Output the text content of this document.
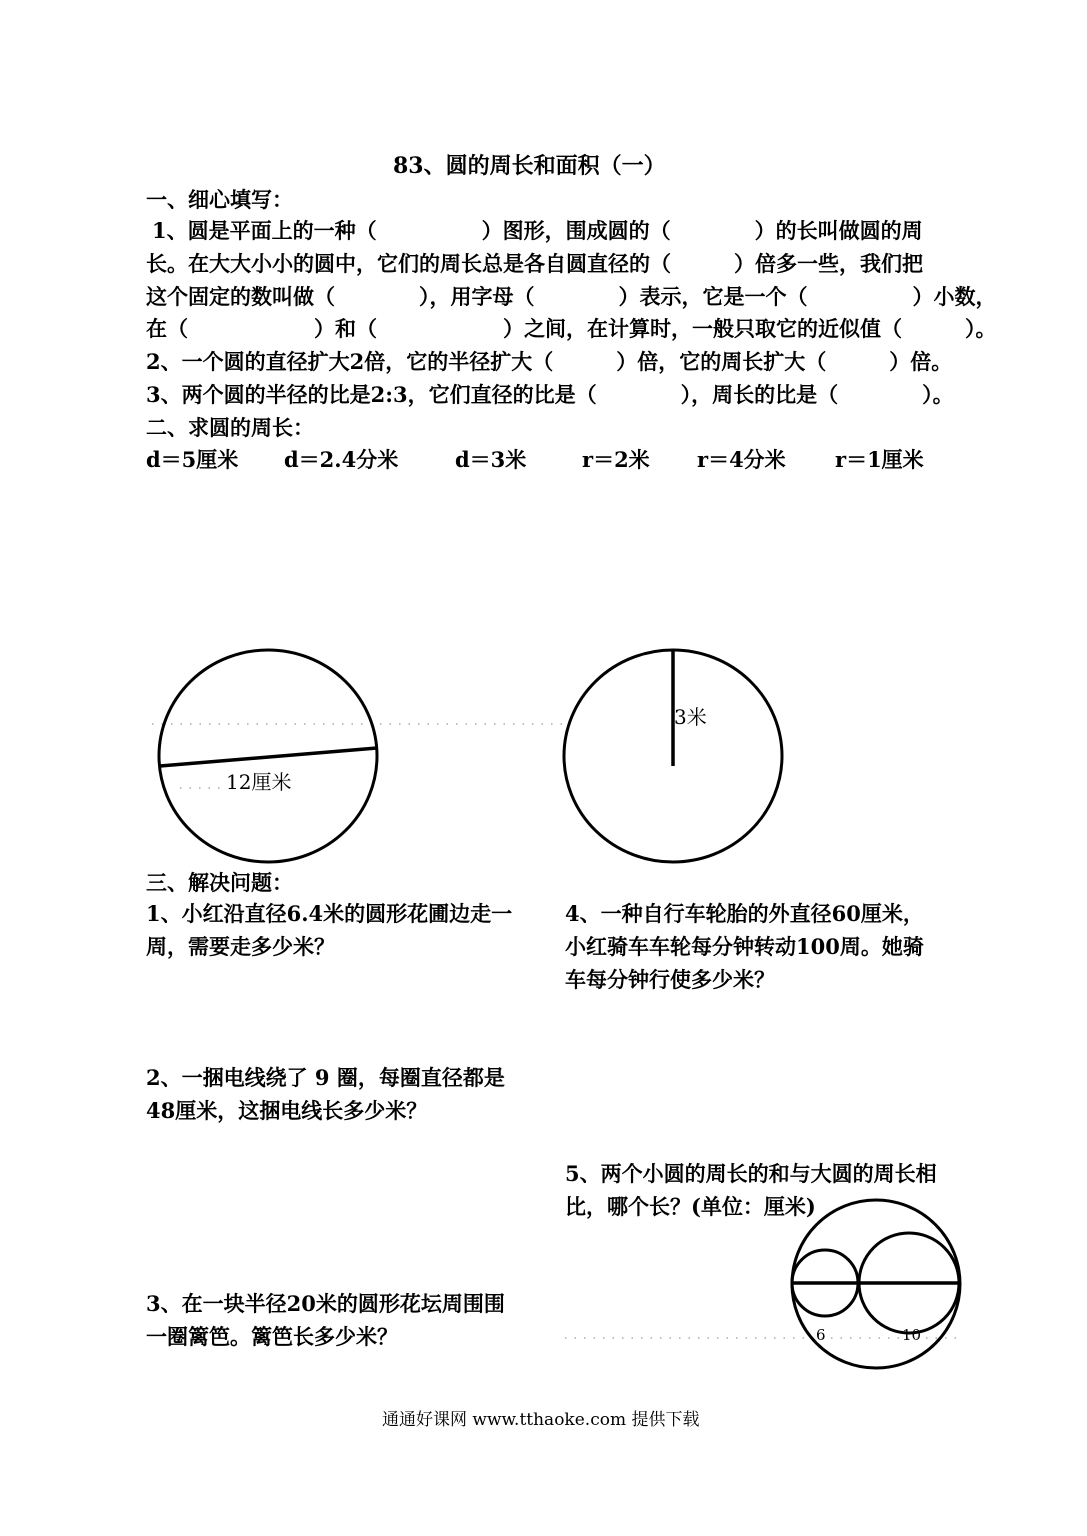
83、圆的周长和面积（一）
一、细心填写：
1、圆是平面上的一种（　　　　　）图形，围成圆的（　　　　）的长叫做圆的周
长。在大大小小的圆中，它们的周长总是各自圆直径的（　　　）倍多一些，我们把
这个固定的数叫做（　　　　），用字母（　　　　）表示，它是一个（　　　　　）小数，
在（　　　　　　）和（　　　　　　）之间，在计算时，一般只取它的近似值（　　　）。
2、一个圆的直径扩大2倍，它的半径扩大（　　　）倍，它的周长扩大（　　　）倍。
3、两个圆的半径的比是2:3，它们直径的比是（　　　　），周长的比是（　　　　）。
二、求圆的周长：
d＝5厘米 d＝2.4分米	d＝3米	r＝2米 r＝4分米 r＝1厘米
12厘米
3米
三、解决问题：
1、小红沿直径6.4米的圆形花圃边走一
周，需要走多少米？
2、一捆电线绕了 9 圈，每圈直径都是
48厘米，这捆电线长多少米？
3、在一块半径20米的圆形花坛周围围
一圈篱笆。篱笆长多少米？
4、一种自行车轮胎的外直径60厘米，
小红骑车车轮每分钟转动100周。她骑
车每分钟行使多少米？
5、两个小圆的周长的和与大圆的周长相
比，哪个长？(单位：厘米)
6	10
通通好课网 www.tthaoke.com 提供下载
